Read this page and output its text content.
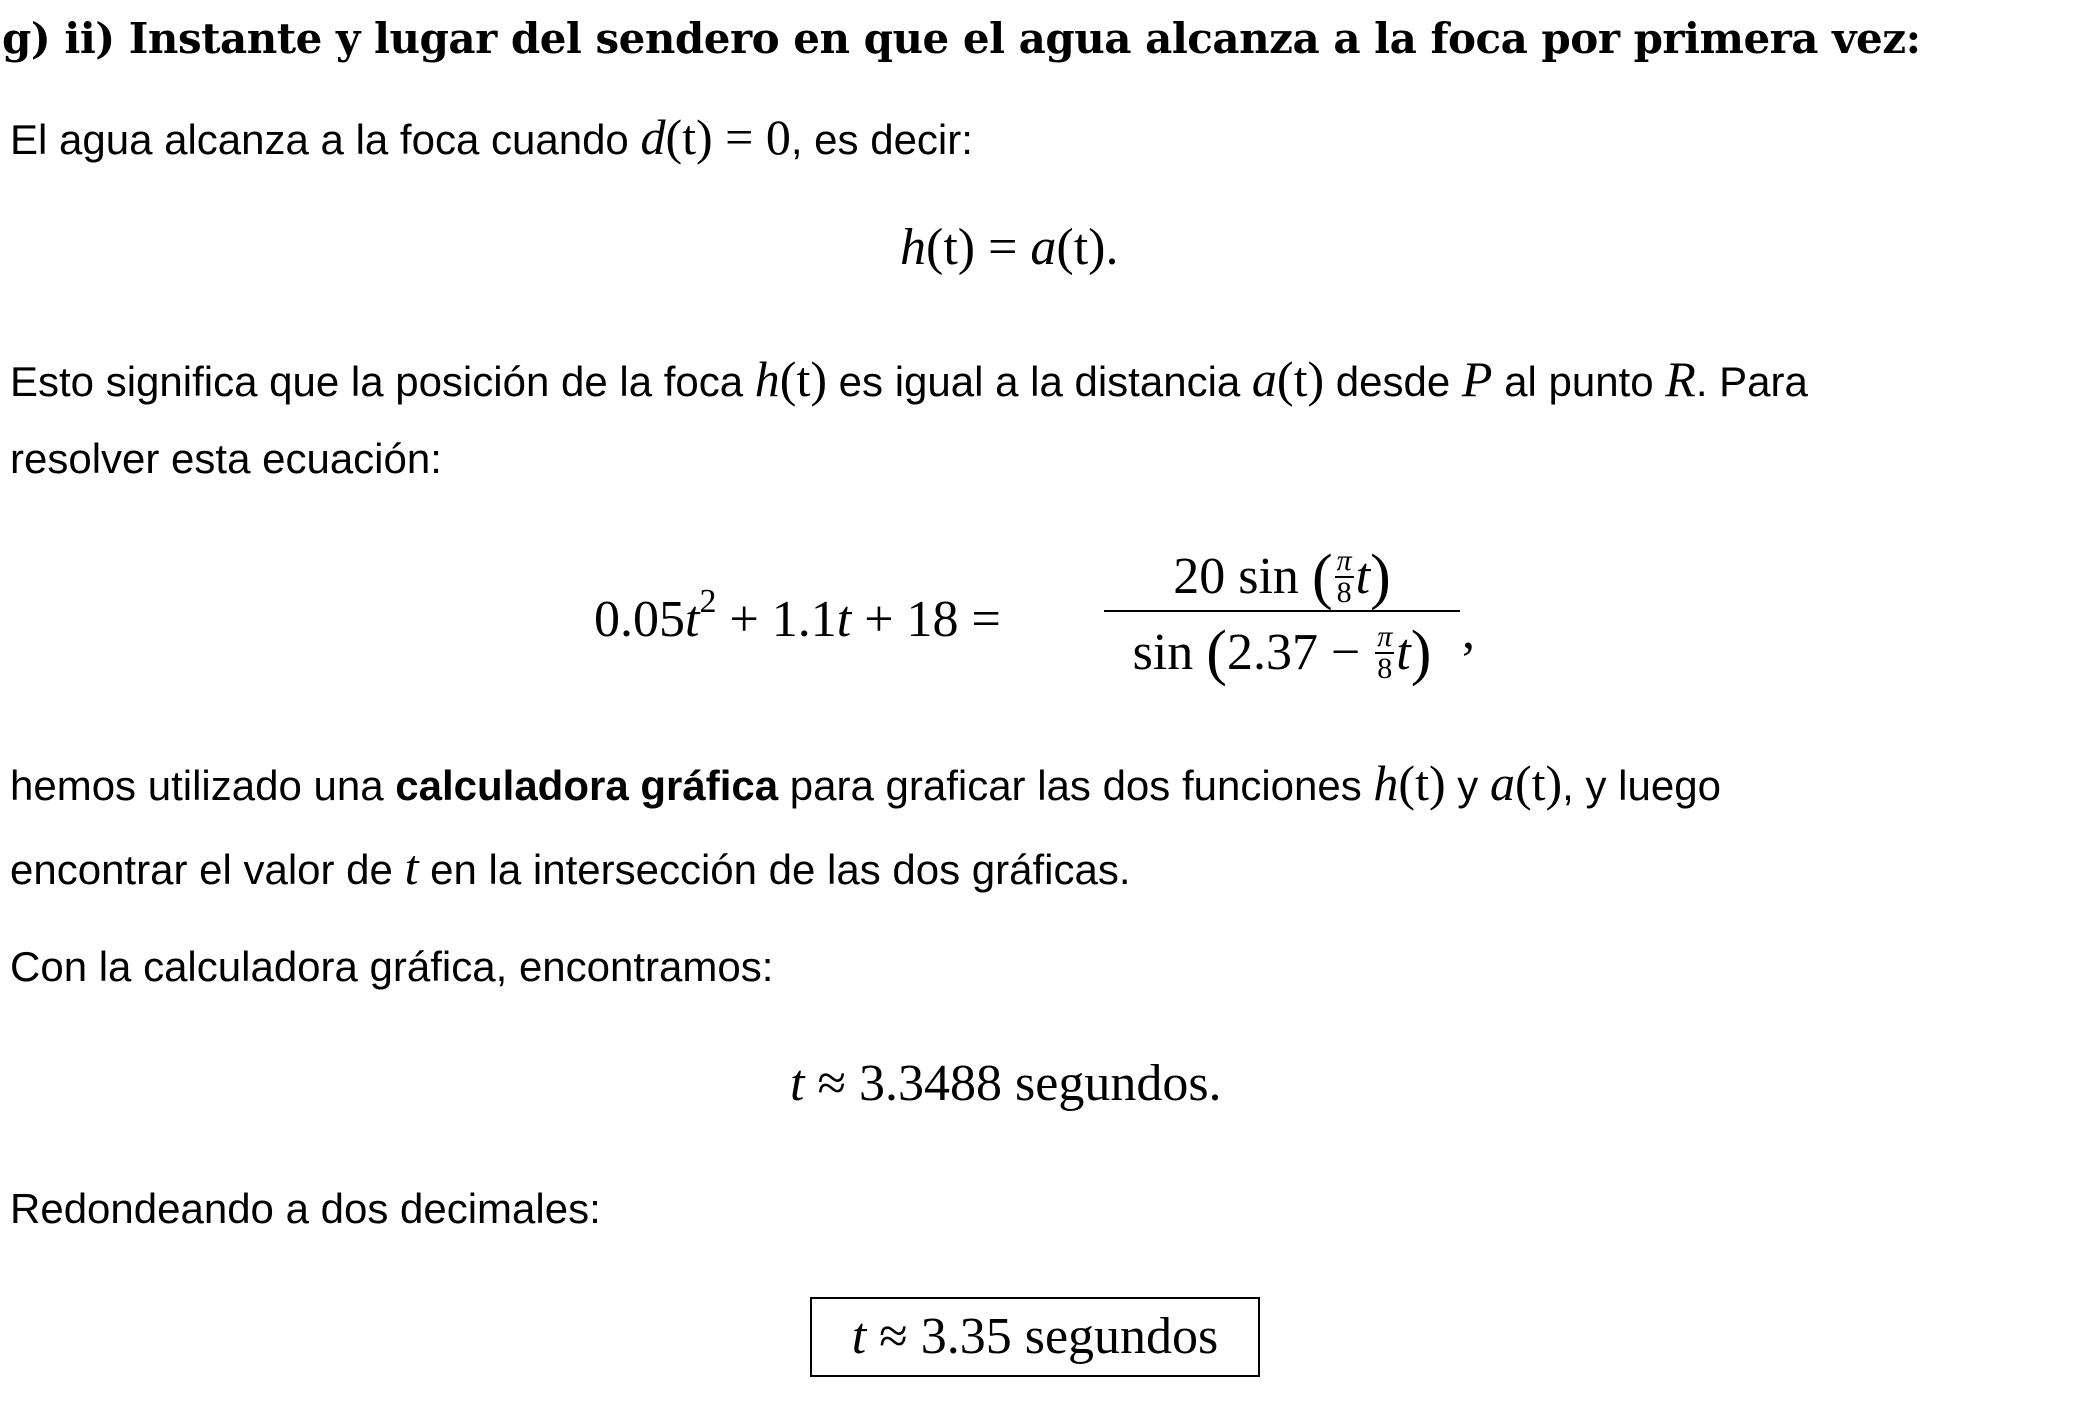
g) ii) Instante y lugar del sendero en que el agua alcanza a la foca por primera vez:
El agua alcanza a la foca cuando d(t) = 0, es decir:
h(t) = a(t).
Esto significa que la posición de la foca h(t) es igual a la distancia a(t) desde P al punto R. Para
resolver esta ecuación:
$0.05t^2 + 1.1t + 18$ =
20 sin ( $\frac{\pi}{8} t$)
$\sin (2.37 - \frac{\pi}{8} t)$ ,
hemos utilizado una calculadora gráfica para graficar las dos funciones h(t) y a(t), y luego
encontrar el valor de t en la intersección de las dos gráficas.
Con la calculadora gráfica, encontramos:
t ≈ 3.3488 segundos.
Redondeando a dos decimales:
t ≈ 3.35 segundos
